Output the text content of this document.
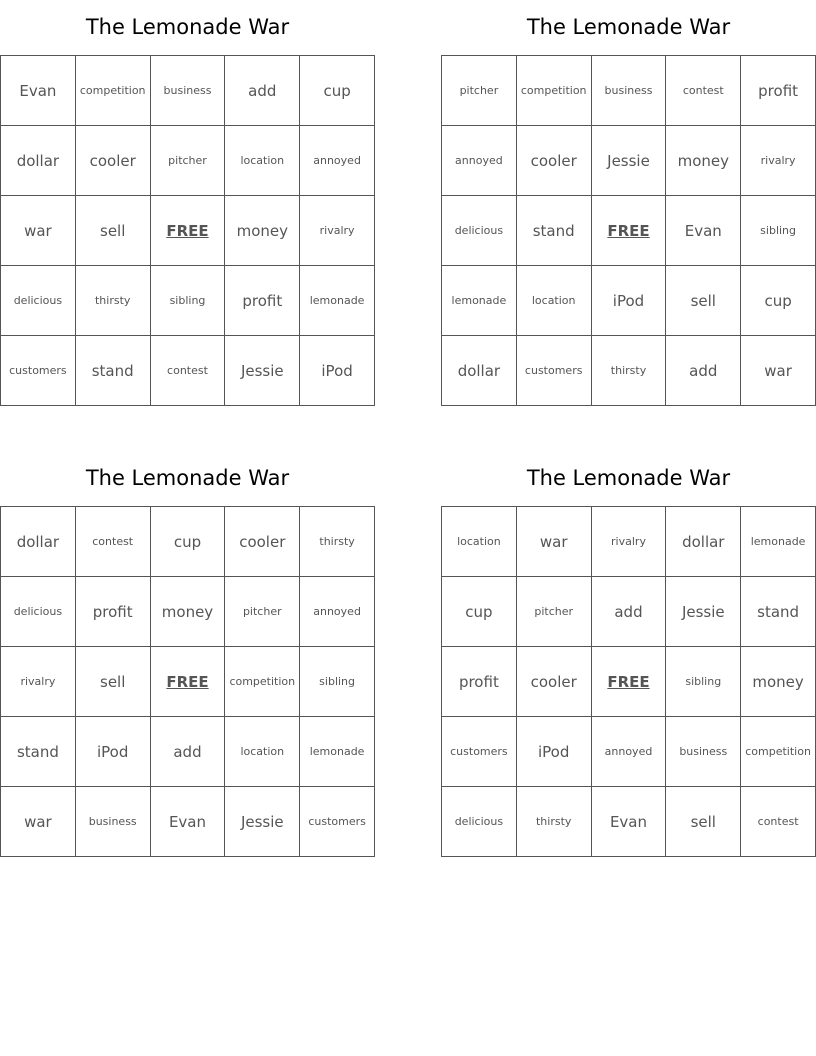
The Lemonade War
Evan	competition	business	add	cup
dollar	cooler	pitcher	location	annoyed
war	sell	FREE	money	rivalry
delicious	thirsty	sibling	profit	lemonade
customers	stand	contest	Jessie	iPod
The Lemonade War
pitcher	competition	business	contest	profit
annoyed	cooler	Jessie	money	rivalry
delicious	stand	FREE	Evan	sibling
lemonade	location	iPod	sell	cup
dollar	customers	thirsty	add	war
The Lemonade War
dollar	contest	cup	cooler	thirsty
delicious	profit	money	pitcher	annoyed
rivalry	sell	FREE	competition	sibling
stand	iPod	add	location	lemonade
war	business	Evan	Jessie	customers
The Lemonade War
location	war	rivalry	dollar	lemonade
cup	pitcher	add	Jessie	stand
profit	cooler	FREE	sibling	money
customers	iPod	annoyed	business	competition
delicious	thirsty	Evan	sell	contest
